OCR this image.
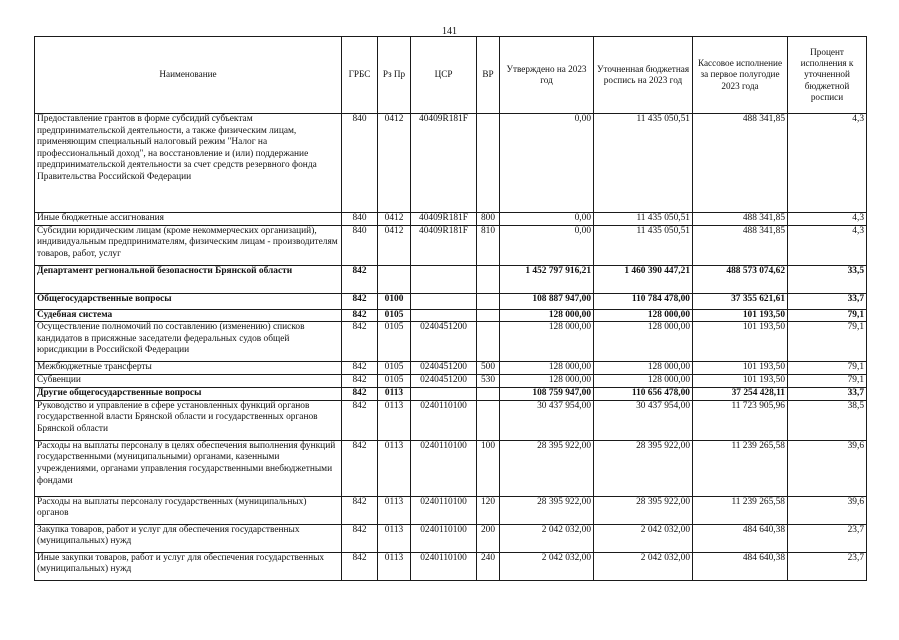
141
Наименование	ГРБС	Рз Пр	ЦСР	ВР	Утверждено на 2023 год	Уточненная бюджетная роспись на 2023 год	Кассовое исполнение за первое полугодие 2023 года	Процент исполнения к уточненной бюджетной росписи
Предоставление грантов в форме субсидий субъектам предпринимательской деятельности, а также физическим лицам, применяющим специальный налоговый режим "Налог на профессиональный доход", на восстановление и (или) поддержание предпринимательской деятельности за счет средств резервного фонда Правительства Российской Федерации	840	0412	40409R181F		0,00	11 435 050,51	488 341,85	4,3
Иные бюджетные ассигнования	840	0412	40409R181F	800	0,00	11 435 050,51	488 341,85	4,3
Субсидии юридическим лицам (кроме некоммерческих организаций), индивидуальным предпринимателям, физическим лицам - производителям товаров, работ, услуг	840	0412	40409R181F	810	0,00	11 435 050,51	488 341,85	4,3
Департамент региональной безопасности Брянской области	842				1 452 797 916,21	1 460 390 447,21	488 573 074,62	33,5
Общегосударственные вопросы	842	0100			108 887 947,00	110 784 478,00	37 355 621,61	33,7
Судебная система	842	0105			128 000,00	128 000,00	101 193,50	79,1
Осуществление полномочий по составлению (изменению) списков кандидатов в присяжные заседатели федеральных судов общей юрисдикции в Российской Федерации	842	0105	0240451200		128 000,00	128 000,00	101 193,50	79,1
Межбюджетные трансферты	842	0105	0240451200	500	128 000,00	128 000,00	101 193,50	79,1
Субвенции	842	0105	0240451200	530	128 000,00	128 000,00	101 193,50	79,1
Другие общегосударственные вопросы	842	0113			108 759 947,00	110 656 478,00	37 254 428,11	33,7
Руководство и управление в сфере установленных функций органов государственной власти Брянской области и государственных органов Брянской области	842	0113	0240110100		30 437 954,00	30 437 954,00	11 723 905,96	38,5
Расходы на выплаты персоналу в целях обеспечения выполнения функций государственными (муниципальными) органами, казенными учреждениями, органами управления государственными внебюджетными фондами	842	0113	0240110100	100	28 395 922,00	28 395 922,00	11 239 265,58	39,6
Расходы на выплаты персоналу государственных (муниципальных) органов	842	0113	0240110100	120	28 395 922,00	28 395 922,00	11 239 265,58	39,6
Закупка товаров, работ и услуг для обеспечения государственных (муниципальных) нужд	842	0113	0240110100	200	2 042 032,00	2 042 032,00	484 640,38	23,7
Иные закупки товаров, работ и услуг для обеспечения государственных (муниципальных) нужд	842	0113	0240110100	240	2 042 032,00	2 042 032,00	484 640,38	23,7
